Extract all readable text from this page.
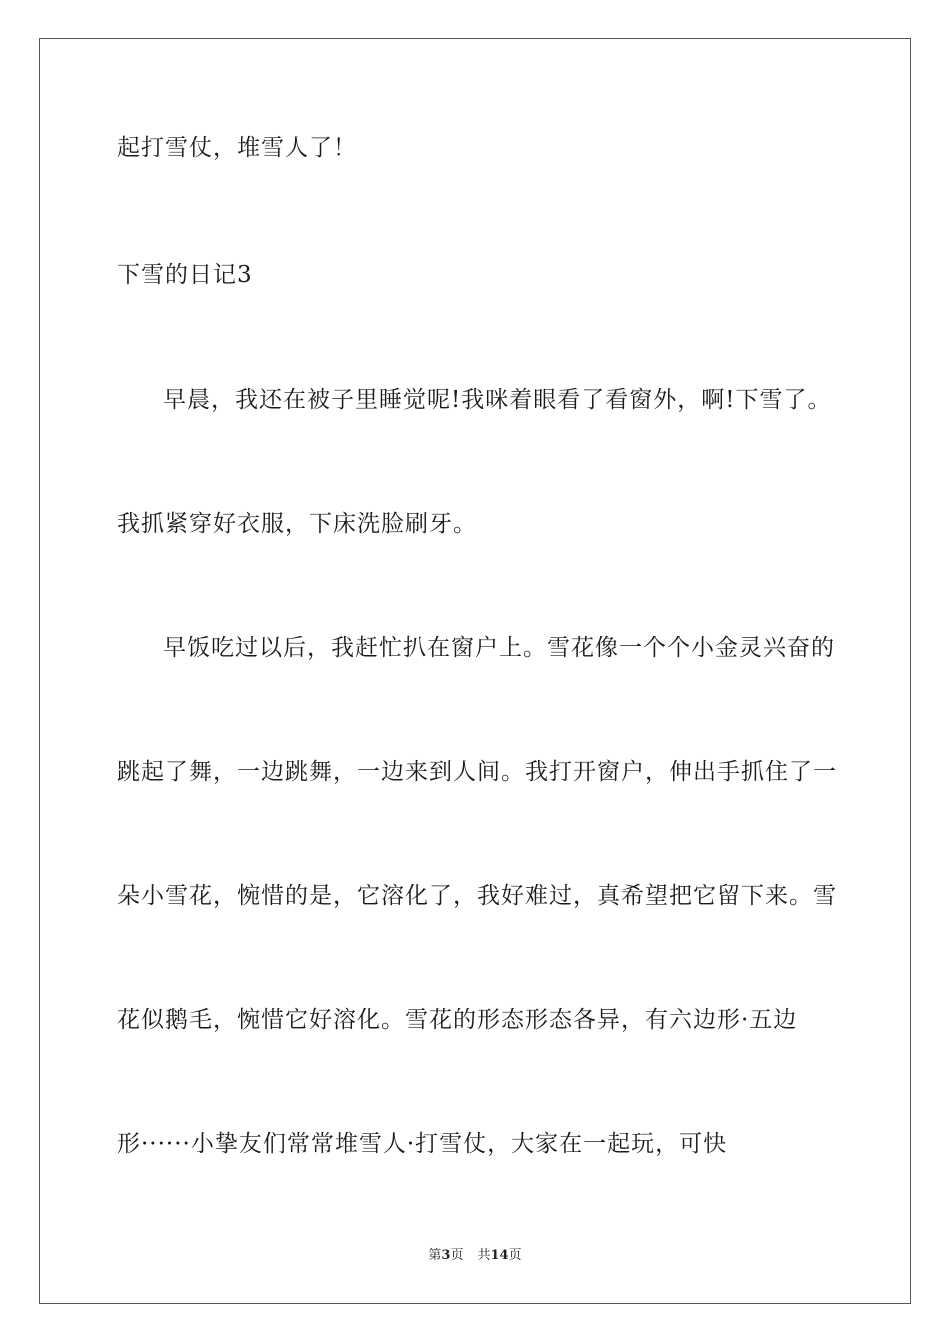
起打雪仗，堆雪人了！
下雪的日记3
早晨，我还在被子里睡觉呢!我咪着眼看了看窗外，啊!下雪了。
我抓紧穿好衣服，下床洗脸刷牙。
早饭吃过以后，我赶忙扒在窗户上。雪花像一个个小金灵兴奋的
跳起了舞，一边跳舞，一边来到人间。我打开窗户，伸出手抓住了一
朵小雪花，惋惜的是，它溶化了，我好难过，真希望把它留下来。雪
花似鹅毛，惋惜它好溶化。雪花的形态形态各异，有六边形·五边
形······小挚友们常常堆雪人·打雪仗，大家在一起玩，可快
第3页 共14页
